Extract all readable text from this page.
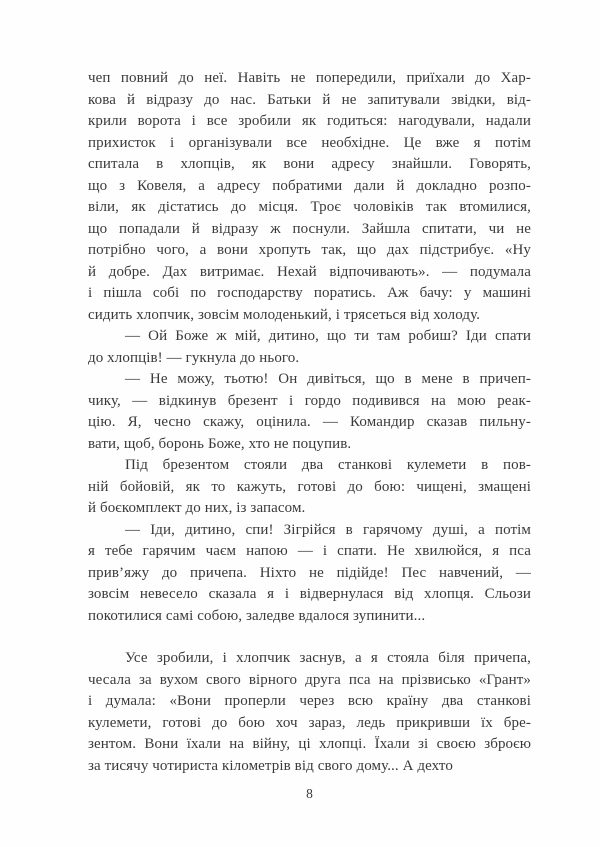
чеп повний до неї. Навіть не попередили, приїхали до Хар-
кова й відразу до нас. Батьки й не запитували звідки, від-
крили ворота і все зробили як годиться: нагодували, надали
прихисток і організували все необхідне. Це вже я потім
спитала в хлопців, як вони адресу знайшли. Говорять,
що з Ковеля, а адресу побратими дали й докладно розпо-
віли, як дістатись до місця. Троє чоловіків так втомилися,
що попадали й відразу ж поснули. Зайшла спитати, чи не
потрібно чого, а вони хропуть так, що дах підстрибує. «Ну
й добре. Дах витримає. Нехай відпочивають». — подумала
і пішла собі по господарству поратись. Аж бачу: у машині
сидить хлопчик, зовсім молоденький, і трясеться від холоду.

— Ой Боже ж мій, дитино, що ти там робиш? Іди спати
до хлопців! — гукнула до нього.

— Не можу, тьотю! Он дивіться, що в мене в причеп-
чику, — відкинув брезент і гордо подивився на мою реак-
цію. Я, чесно скажу, оцінила. — Командир сказав пильну-
вати, щоб, боронь Боже, хто не поцупив.

Під брезентом стояли два станкові кулемети в пов-
ній бойовій, як то кажуть, готові до бою: чищені, змащені
й боєкомплект до них, із запасом.

— Іди, дитино, спи! Зігрійся в гарячому душі, а потім
я тебе гарячим чаєм напою — і спати. Не хвилюйся, я пса
прив’яжу до причепа. Ніхто не підійде! Пес навчений, —
зовсім невесело сказала я і відвернулася від хлопця. Сльози
покотилися самі собою, заледве вдалося зупинити...

Усе зробили, і хлопчик заснув, а я стояла біля причепа,
чесала за вухом свого вірного друга пса на прізвисько «Грант»
і думала: «Вони проперли через всю країну два станкові
кулемети, готові до бою хоч зараз, ледь прикривши їх бре-
зентом. Вони їхали на війну, ці хлопці. Їхали зі своєю зброєю
за тисячу чотириста кілометрів від свого дому... А дехто

8
